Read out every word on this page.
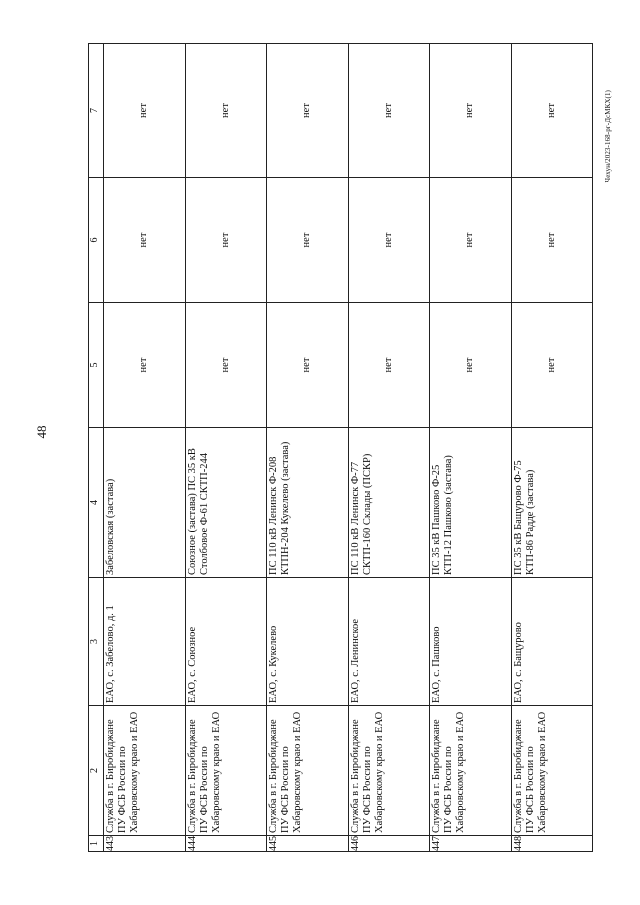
48
Чехун/2023-168-рг-ДсМКХ(1)
1	2	3	4	5	6	7
443	Служба в г. Биробиджане ПУ ФСБ России по Хабаровскому краю и ЕАО	ЕАО, с. Забеловo, д. 1	Забеловская (застава)	нет	нет	нет
444	Служба в г. Биробиджане ПУ ФСБ России по Хабаровскому краю и ЕАО	ЕАО, с. Союзное	Союзное (застава) ПС 35 кВ Столбовое Ф-61 СКТП-244	нет	нет	нет
445	Служба в г. Биробиджане ПУ ФСБ России по Хабаровскому краю и ЕАО	ЕАО, с. Кукелево	ПС 110 кВ Ленинск Ф-208 КТПН-204 Кукелево (застава)	нет	нет	нет
446	Служба в г. Биробиджане ПУ ФСБ России по Хабаровскому краю и ЕАО	ЕАО, с. Ленинское	ПС 110 кВ Ленинск Ф-77 СКТП-160 Склады (ПСКР)	нет	нет	нет
447	Служба в г. Биробиджане ПУ ФСБ России по Хабаровскому краю и ЕАО	ЕАО, с. Пашково	ПС 35 кВ Пашково Ф-25 КТП-12 Пашково (застава)	нет	нет	нет
448	Служба в г. Биробиджане ПУ ФСБ России по Хабаровскому краю и ЕАО	ЕАО, с. Бащурово	ПС 35 кВ Бащурово Ф-75 КТП-86 Радде (застава)	нет	нет	нет
